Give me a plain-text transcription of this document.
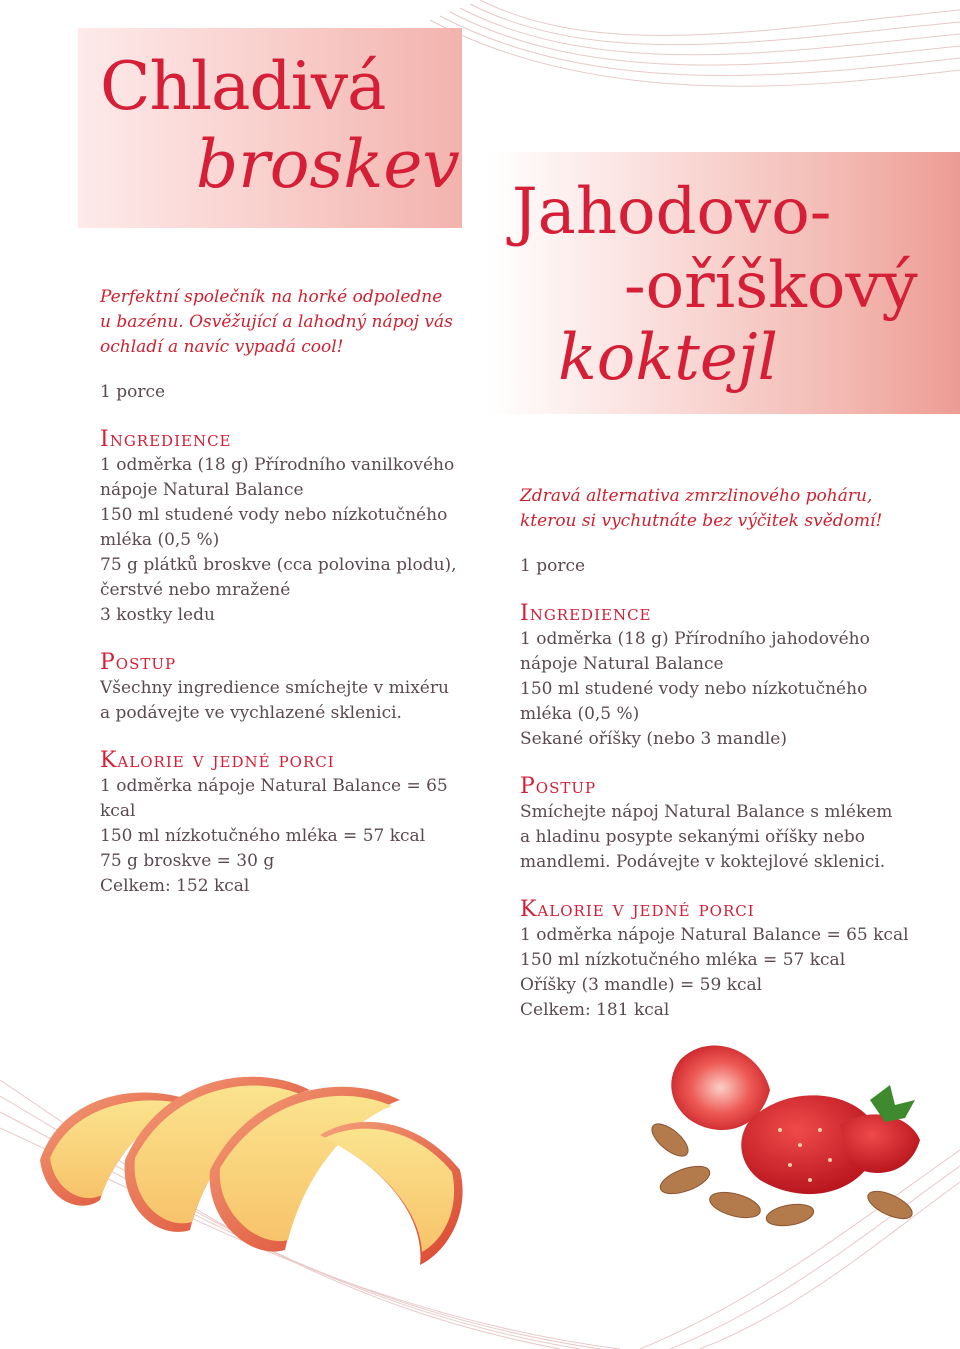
Chladivá
broskev
Jahodovo-
-oříškový
koktejl
Perfektní společník na horké odpoledne
u bazénu. Osvěžující a lahodný nápoj vás
ochladí a navíc vypadá cool!
1 porce
Ingredience
1 odměrka (18 g) Přírodního vanilkového
nápoje Natural Balance
150 ml studené vody nebo nízkotučného
mléka (0,5 %)
75 g plátků broskve (cca polovina plodu),
čerstvé nebo mražené
3 kostky ledu
Postup
Všechny ingredience smíchejte v mixéru
a podávejte ve vychlazené sklenici.
Kalorie v jedné porci
1 odměrka nápoje Natural Balance = 65 kcal
150 ml nízkotučného mléka = 57 kcal
75 g broskve = 30 g
Celkem: 152 kcal
Zdravá alternativa zmrzlinového poháru,
kterou si vychutnáte bez výčitek svědomí!
1 porce
Ingredience
1 odměrka (18 g) Přírodního jahodového
nápoje Natural Balance
150 ml studené vody nebo nízkotučného
mléka (0,5 %)
Sekané oříšky (nebo 3 mandle)
Postup
Smíchejte nápoj Natural Balance s mlékem
a hladinu posypte sekanými oříšky nebo
mandlemi. Podávejte v koktejlové sklenici.
Kalorie v jedné porci
1 odměrka nápoje Natural Balance = 65 kcal
150 ml nízkotučného mléka = 57 kcal
Oříšky (3 mandle) = 59 kcal
Celkem: 181 kcal
